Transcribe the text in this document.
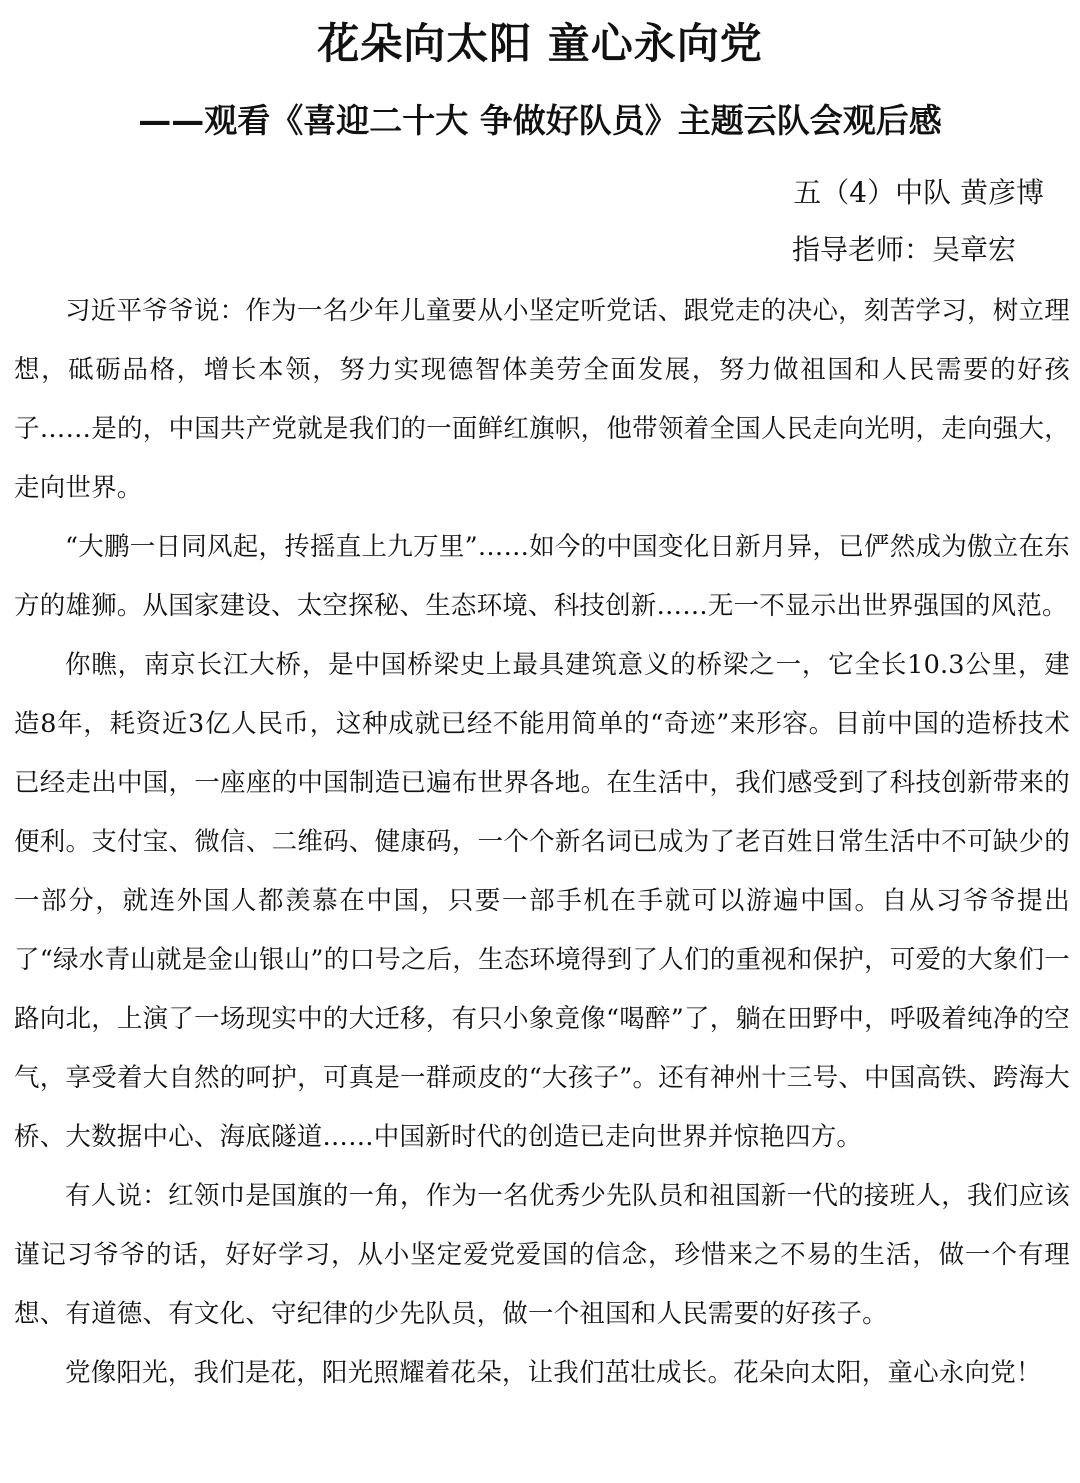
花朵向太阳 童心永向党
——观看《喜迎二十大 争做好队员》主题云队会观后感
五（4）中队 黄彦博
指导老师：吴章宏

习近平爷爷说：作为一名少年儿童要从小坚定听党话、跟党走的决心，刻苦学习，树立理想，砥砺品格，增长本领，努力实现德智体美劳全面发展，努力做祖国和人民需要的好孩子……是的，中国共产党就是我们的一面鲜红旗帜，他带领着全国人民走向光明，走向强大，走向世界。

“大鹏一日同风起，抟摇直上九万里”……如今的中国变化日新月异，已俨然成为傲立在东方的雄狮。从国家建设、太空探秘、生态环境、科技创新……无一不显示出世界强国的风范。

你瞧，南京长江大桥，是中国桥梁史上最具建筑意义的桥梁之一，它全长10.3公里，建造8年，耗资近3亿人民币，这种成就已经不能用简单的“奇迹”来形容。目前中国的造桥技术已经走出中国，一座座的中国制造已遍布世界各地。在生活中，我们感受到了科技创新带来的便利。支付宝、微信、二维码、健康码，一个个新名词已成为了老百姓日常生活中不可缺少的一部分，就连外国人都羡慕在中国，只要一部手机在手就可以游遍中国。自从习爷爷提出了“绿水青山就是金山银山”的口号之后，生态环境得到了人们的重视和保护，可爱的大象们一路向北，上演了一场现实中的大迁移，有只小象竟像“喝醉”了，躺在田野中，呼吸着纯净的空气，享受着大自然的呵护，可真是一群顽皮的“大孩子”。还有神州十三号、中国高铁、跨海大桥、大数据中心、海底隧道……中国新时代的创造已走向世界并惊艳四方。

有人说：红领巾是国旗的一角，作为一名优秀少先队员和祖国新一代的接班人，我们应该谨记习爷爷的话，好好学习，从小坚定爱党爱国的信念，珍惜来之不易的生活，做一个有理想、有道德、有文化、守纪律的少先队员，做一个祖国和人民需要的好孩子。

党像阳光，我们是花，阳光照耀着花朵，让我们茁壮成长。花朵向太阳，童心永向党！
